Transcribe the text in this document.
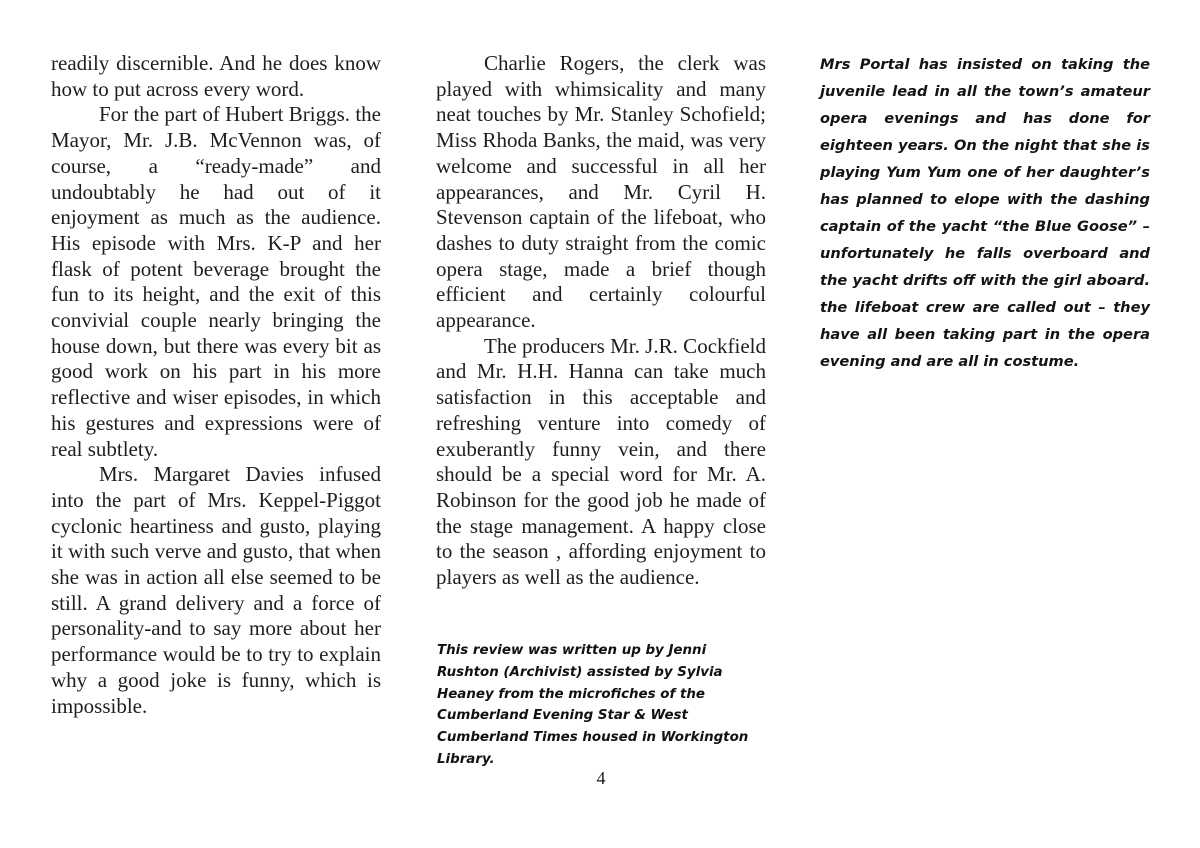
readily discernible. And he does know how to put across every word.

For the part of Hubert Briggs. the Mayor, Mr. J.B. McVennon was, of course, a “ready-made” and undoubtably he had out of it enjoyment as much as the audience. His episode with Mrs. K-P and her flask of potent beverage brought the fun to its height, and the exit of this convivial couple nearly bringing the house down, but there was every bit as good work on his part in his more reflective and wiser episodes, in which his gestures and expressions were of real subtlety.

Mrs. Margaret Davies infused into the part of Mrs. Keppel-Piggot cyclonic heartiness and gusto, playing it with such verve and gusto, that when she was in action all else seemed to be still. A grand delivery and a force of personality-and to say more about her performance would be to try to explain why a good joke is funny, which is impossible.

Charlie Rogers, the clerk was played with whimsicality and many neat touches by Mr. Stanley Schofield; Miss Rhoda Banks, the maid, was very welcome and successful in all her appearances, and Mr. Cyril H. Stevenson captain of the lifeboat, who dashes to duty straight from the comic opera stage, made a brief though efficient and certainly colourful appearance.

The producers Mr. J.R. Cockfield and Mr. H.H. Hanna can take much satisfaction in this acceptable and refreshing venture into comedy of exuberantly funny vein, and there should be a special word for Mr. A. Robinson for the good job he made of the stage management. A happy close to the season , affording enjoyment to players as well as the audience.

This review was written up by Jenni Rushton (Archivist) assisted by Sylvia Heaney from the microfiches of the Cumberland Evening Star & West Cumberland Times housed in Workington Library.

Mrs Portal has insisted on taking the juvenile lead in all the town’s amateur opera evenings and has done for eighteen years. On the night that she is playing Yum Yum one of her daughter’s has planned to elope with the dashing captain of the yacht “the Blue Goose” – unfortunately he falls overboard and the yacht drifts off with the girl aboard. the lifeboat crew are called out – they have all been taking part in the opera evening and are all in costume.

4
